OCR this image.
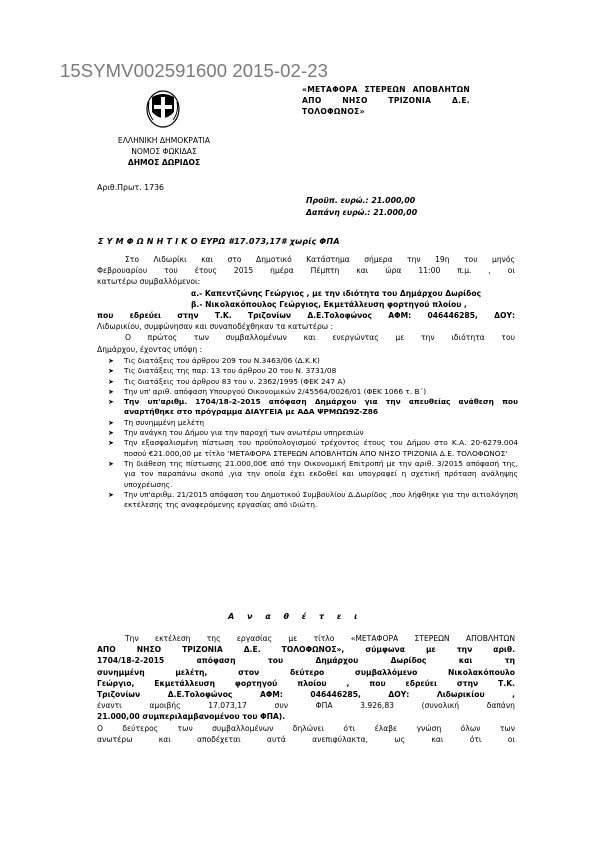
15SYMV002591600 2015-02-23
ΕΛΛΗΝΙΚΗ ΔΗΜΟΚΡΑΤΙΑ
ΝΟΜΟΣ ΦΩΚΙΔΑΣ
ΔΗΜΟΣ ΔΩΡΙΔΟΣ
«ΜΕΤΑΦΟΡΑ ΣΤΕΡΕΩΝ ΑΠΟΒΛΗΤΩΝ
ΑΠΟ ΝΗΣΟ ΤΡΙΖΟΝΙΑ Δ.Ε.
ΤΟΛΟΦΩΝΟΣ»
Αριθ.Πρωτ. 1736
Προϋπ. ευρώ.: 21.000,00
Δαπάνη ευρώ.: 21.000,00
Σ Υ Μ Φ Ω Ν Η Τ Ι Κ Ο ΕΥΡΩ #17.073,17# χωρίς ΦΠΑ
Στο Λιδωρίκι και στο Δημοτικό Κατάστημα σήμερα την 19η του μηνός
Φεβρουαρίου του έτους 2015 ημέρα Πέμπτη και ώρα 11:00 π.μ. , οι
κατωτέρω συμβαλλόμενοι:
α.- Καπεντζώνης Γεώργιος , με την ιδιότητα του Δημάρχου Δωρίδος
β.- Νικολακόπουλος Γεώργιος, Εκμετάλλευση φορτηγού πλοίου ,
που εδρεύει στην Τ.Κ. Τριζονίων Δ.Ε.Τολοφώνος ΑΦΜ: 046446285, ΔΟΥ:
Λιδωρικίου, συμφώνησαν και συναποδέχθηκαν τα κατωτέρω :
Ο πρώτος των συμβαλλομένων και ενεργώντας με την ιδιότητα του
Δημάρχου, έχοντας υπόψη :
➤ Τις διατάξεις του άρθρου 209 του Ν.3463/06 (Δ.Κ.Κ)
➤ Τις διατάξεις της παρ. 13 του άρθρου 20 του Ν. 3731/08
➤ Τις διατάξεις του άρθρου 83 του ν. 2362/1995 (ΦΕΚ 247 Α)
➤ Την υπ' αριθ. απόφαση Υπουργού Οικονομικών 2/45564/0026/01 (ΦΕΚ 1066 τ. Β΄)
➤ Την υπ'αριθμ. 1704/18-2-2015 απόφαση Δημάρχου για την απευθείας ανάθεση που αναρτήθηκε στο πρόγραμμα ΔΙΑΥΓΕΙΑ με ΑΔΑ ΨΡΜΩΩ9Ζ-Ζ86
➤ Τη συνημμένη μελέτη
➤ Την ανάγκη του Δήμου για την παροχή των ανωτέρω υπηρεσιών
➤ Την εξασφαλισμένη πίστωση του προϋπολογισμού τρέχοντος έτους του Δήμου στο Κ.Α. 20-6279.004 ποσού €21.000,00 με τίτλο 'ΜΕΤΑΦΟΡΑ ΣΤΕΡΕΩΝ ΑΠΟΒΛΗΤΩΝ ΑΠΟ ΝΗΣΟ ΤΡΙΖΟΝΙΑ Δ.Ε. ΤΟΛΟΦΩΝΟΣ'
➤ Τη διάθεση της πίστωσης 21.000,00€ από την Οικονομική Επιτροπή με την αριθ. 3/2015 απόφασή της, για τον παραπάνω σκοπό ,για την οποία έχει εκδοθεί και υπογραφεί η σχετική πρόταση ανάληψης υποχρέωσης.
➤ Την υπ'αριθμ. 21/2015 απόφαση του Δημοτικού Συμβουλίου Δ.Δωρίδος ,που λήφθηκε για την αιτιολόγηση εκτέλεσης της αναφερόμενης εργασίας από ιδιώτη.
Α ν α θ έ τ ε ι
Την εκτέλεση της εργασίας με τίτλο «ΜΕΤΑΦΟΡΑ ΣΤΕΡΕΩΝ ΑΠΟΒΛΗΤΩΝ
ΑΠΟ ΝΗΣΟ ΤΡΙΖΟΝΙΑ Δ.Ε. ΤΟΛΟΦΩΝΟΣ», σύμφωνα με την αριθ.
1704/18-2-2015 απόφαση του Δημάρχου Δωρίδος και τη
συνημμένη μελέτη, στον δεύτερο συμβαλλόμενο Νικολακόπουλο
Γεώργιο, Εκμετάλλευση φορτηγού πλοίου , που εδρεύει στην Τ.Κ.
Τριζονίων Δ.Ε.Τολοφώνος ΑΦΜ: 046446285, ΔΟΥ: Λιδωρικίου ,
έναντι αμοιβής 17.073,17 συν ΦΠΑ 3.926,83 (συνολική δαπάνη
21.000,00 συμπεριλαμβανομένου του ΦΠΑ).
Ο δεύτερος των συμβαλλομένων δηλώνει ότι έλαβε γνώση όλων των
ανωτέρω και αποδέχεται αυτά ανεπιφύλακτα, ως και ότι οι
